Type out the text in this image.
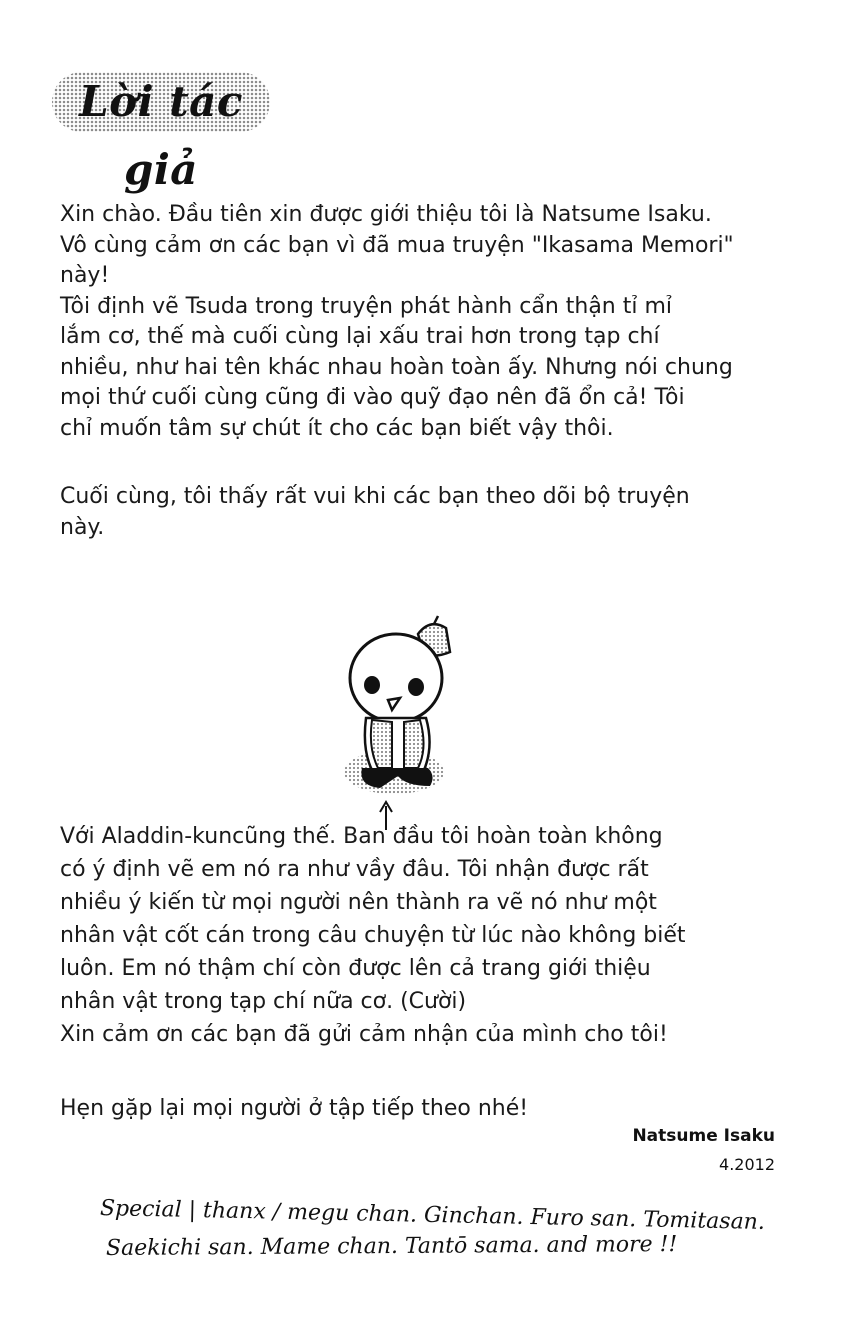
Lời tác giả

Xin chào. Đầu tiên xin được giới thiệu tôi là Natsume Isaku.
Vô cùng cảm ơn các bạn vì đã mua truyện "Ikasama Memori"
này!
Tôi định vẽ Tsuda trong truyện phát hành cẩn thận tỉ mỉ
lắm cơ, thế mà cuối cùng lại xấu trai hơn trong tạp chí
nhiều, như hai tên khác nhau hoàn toàn ấy. Nhưng nói chung
mọi thứ cuối cùng cũng đi vào quỹ đạo nên đã ổn cả! Tôi
chỉ muốn tâm sự chút ít cho các bạn biết vậy thôi.

Cuối cùng, tôi thấy rất vui khi các bạn theo dõi bộ truyện
này.

Với Aladdin-kuncũng thế. Ban đầu tôi hoàn toàn không
có ý định vẽ em nó ra như vầy đâu. Tôi nhận được rất
nhiều ý kiến từ mọi người nên thành ra vẽ nó như một
nhân vật cốt cán trong câu chuyện từ lúc nào không biết
luôn. Em nó thậm chí còn được lên cả trang giới thiệu
nhân vật trong tạp chí nữa cơ. (Cười)
Xin cảm ơn các bạn đã gửi cảm nhận của mình cho tôi!

Hẹn gặp lại mọi người ở tập tiếp theo nhé!

Natsume Isaku
4.2012
Special | thanx / megu chan. Ginchan. Furo san. Tomitasan.
Saekichi san. Mame chan. Tantō sama. and more !!
